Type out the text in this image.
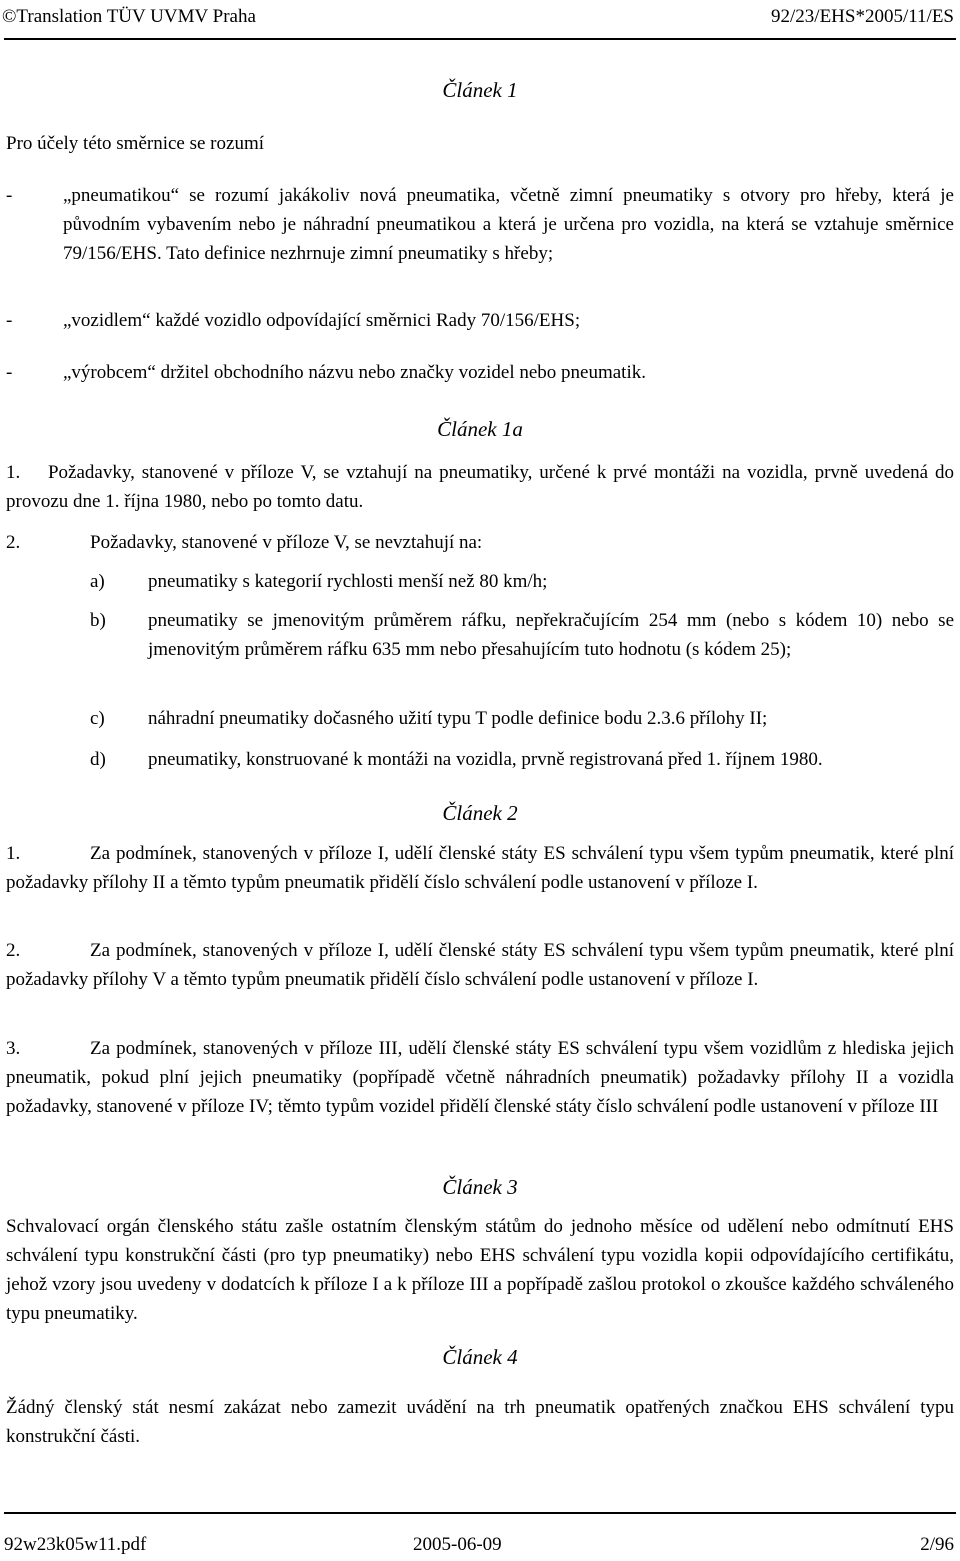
©Translation TÜV UVMV Praha	92/23/EHS*2005/11/ES
Článek 1
Pro účely této směrnice se rozumí
-	„pneumatikou“ se rozumí jakákoliv nová pneumatika, včetně zimní pneumatiky s otvory pro hřeby, která je původním vybavením nebo je náhradní pneumatikou a která je určena pro vozidla, na která se vztahuje směrnice 79/156/EHS. Tato definice nezhrnuje zimní pneumatiky s hřeby;
-	„vozidlem“ každé vozidlo odpovídající směrnici Rady 70/156/EHS;
-	„výrobcem“ držitel obchodního názvu nebo značky vozidel nebo pneumatik.
Článek 1a
1.    Požadavky, stanovené v příloze V, se vztahují na pneumatiky, určené k prvé montáži na vozidla, prvně uvedená do provozu dne 1. října 1980, nebo po tomto datu.
2.	Požadavky, stanovené v příloze V, se nevztahují na:
a) pneumatiky s kategorií rychlosti menší než 80 km/h;
b) pneumatiky se jmenovitým průměrem ráfku, nepřekračujícím 254 mm (nebo s kódem 10) nebo se jmenovitým průměrem ráfku 635 mm nebo přesahujícím tuto hodnotu (s kódem 25);
c) náhradní pneumatiky dočasného užití typu T podle definice bodu 2.3.6 přílohy II;
d) pneumatiky, konstruované k montáži na vozidla, prvně registrovaná před 1. říjnem 1980.
Článek 2
1.	Za podmínek, stanovených v příloze I, udělí členské státy ES schválení typu všem typům pneumatik, které plní požadavky přílohy II a těmto typům pneumatik přidělí číslo schválení podle ustanovení v příloze I.
2.	Za podmínek, stanovených v příloze I, udělí členské státy ES schválení typu všem typům pneumatik, které plní požadavky přílohy V a těmto typům pneumatik přidělí číslo schválení podle ustanovení v příloze I.
3.	Za podmínek, stanovených v příloze III, udělí členské státy ES schválení typu všem vozidlům z hlediska jejich pneumatik, pokud plní jejich pneumatiky (popřípadě včetně náhradních pneumatik) požadavky přílohy II a vozidla požadavky, stanovené v příloze IV; těmto typům vozidel přidělí členské státy číslo schválení podle ustanovení v příloze III
Článek 3
Schvalovací orgán členského státu zašle ostatním členským státům do jednoho měsíce od udělení nebo odmítnutí EHS schválení typu konstrukční části (pro typ pneumatiky) nebo EHS schválení typu vozidla kopii odpovídajícího certifikátu, jehož vzory jsou uvedeny v dodatcích k příloze I a k příloze III a popřípadě zašlou protokol o zkoušce každého schváleného typu pneumatiky.
Článek 4
Žádný členský stát nesmí zakázat nebo zamezit uvádění na trh pneumatik opatřených značkou EHS schválení typu konstrukční části.
92w23k05w11.pdf	2005-06-09	2/96
